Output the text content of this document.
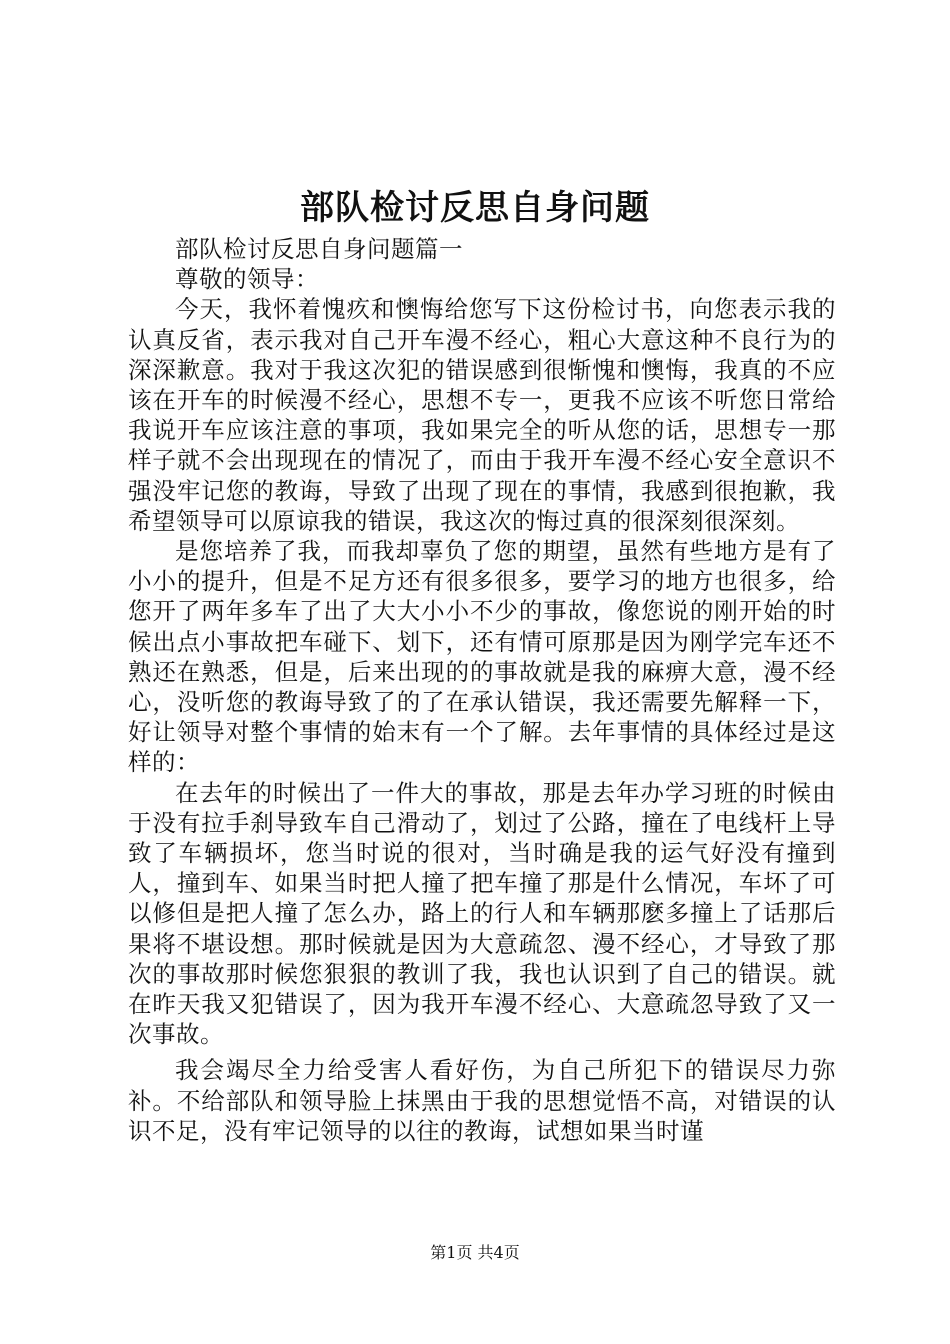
部队检讨反思自身问题

部队检讨反思自身问题篇一

尊敬的领导：

今天，我怀着愧疚和懊悔给您写下这份检讨书，向您表示我的认真反省，表示我对自己开车漫不经心，粗心大意这种不良行为的深深歉意。我对于我这次犯的错误感到很惭愧和懊悔，我真的不应该在开车的时候漫不经心，思想不专一，更我不应该不听您日常给我说开车应该注意的事项，我如果完全的听从您的话，思想专一那样子就不会出现现在的情况了，而由于我开车漫不经心安全意识不强没牢记您的教诲，导致了出现了现在的事情，我感到很抱歉，我希望领导可以原谅我的错误，我这次的悔过真的很深刻很深刻。

是您培养了我，而我却辜负了您的期望，虽然有些地方是有了小小的提升，但是不足方还有很多很多，要学习的地方也很多，给您开了两年多车了出了大大小小不少的事故，像您说的刚开始的时候出点小事故把车碰下、划下，还有情可原那是因为刚学完车还不熟还在熟悉，但是，后来出现的的事故就是我的麻痹大意，漫不经心，没听您的教诲导致了的了在承认错误，我还需要先解释一下，好让领导对整个事情的始末有一个了解。去年事情的具体经过是这样的：

在去年的时候出了一件大的事故，那是去年办学习班的时候由于没有拉手刹导致车自己滑动了，划过了公路，撞在了电线杆上导致了车辆损坏，您当时说的很对，当时确是我的运气好没有撞到人，撞到车、如果当时把人撞了把车撞了那是什么情况，车坏了可以修但是把人撞了怎么办，路上的行人和车辆那麽多撞上了话那后果将不堪设想。那时候就是因为大意疏忽、漫不经心，才导致了那次的事故那时候您狠狠的教训了我，我也认识到了自己的错误。就在昨天我又犯错误了，因为我开车漫不经心、大意疏忽导致了又一次事故。

我会竭尽全力给受害人看好伤，为自己所犯下的错误尽力弥补。不给部队和领导脸上抹黑由于我的思想觉悟不高，对错误的认识不足，没有牢记领导的以往的教诲，试想如果当时谨

第1页 共4页
